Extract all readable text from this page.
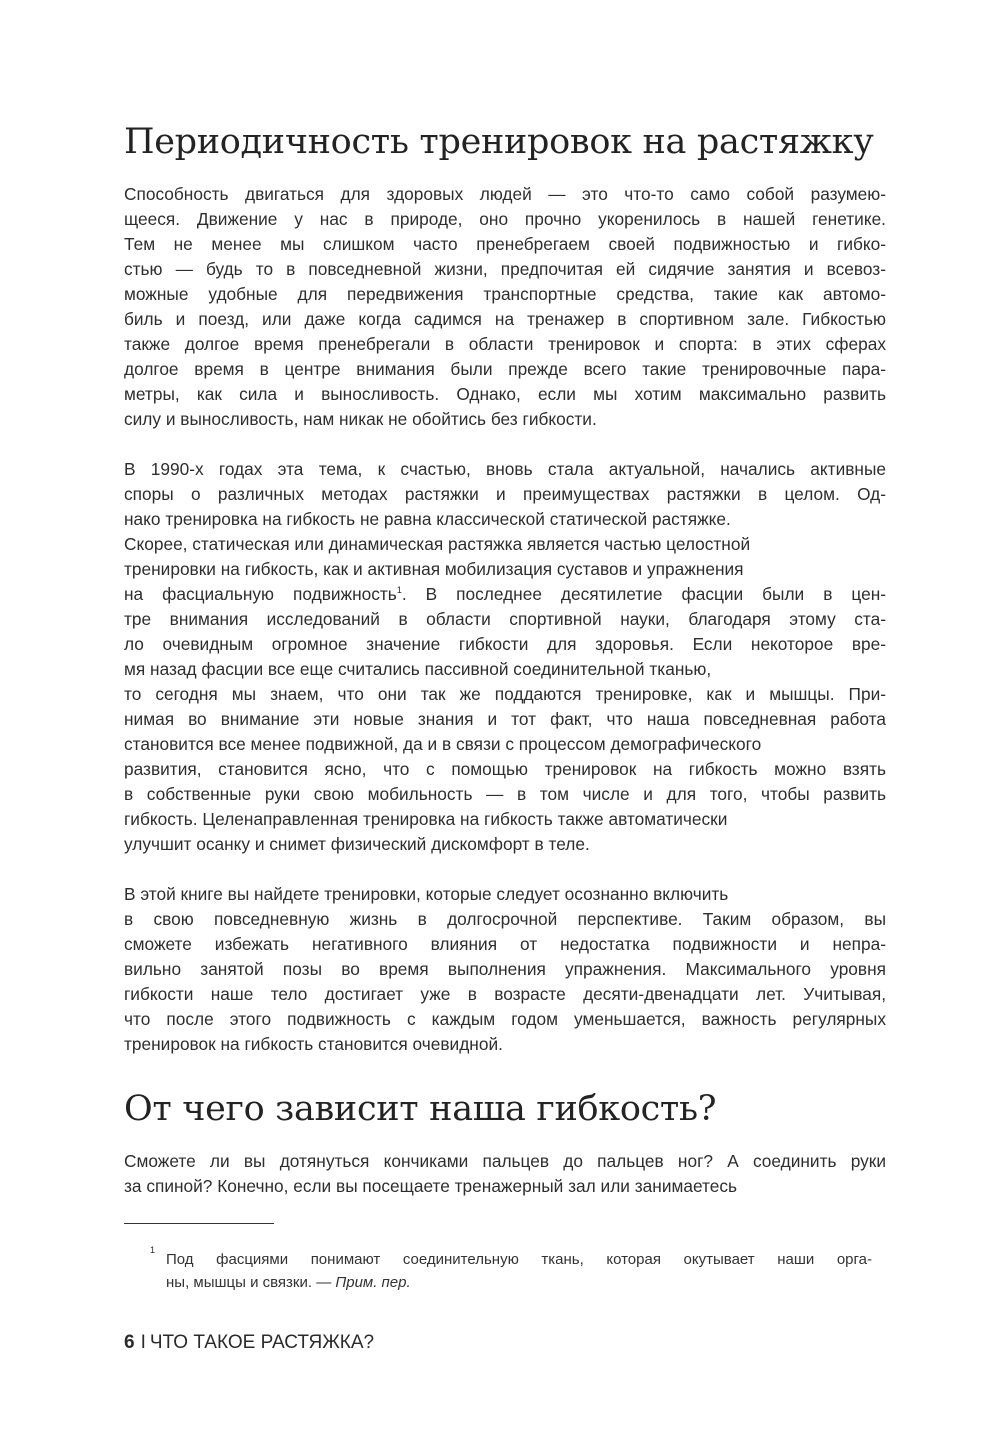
Периодичность тренировок на растяжку
Способность двигаться для здоровых людей — это что-то само собой разумею-
щееся. Движение у нас в природе, оно прочно укоренилось в нашей генетике.
Тем не менее мы слишком часто пренебрегаем своей подвижностью и гибко-
стью — будь то в повседневной жизни, предпочитая ей сидячие занятия и всевоз-
можные удобные для передвижения транспортные средства, такие как автомо-
биль и поезд, или даже когда садимся на тренажер в спортивном зале. Гибкостью
также долгое время пренебрегали в области тренировок и спорта: в этих сферах
долгое время в центре внимания были прежде всего такие тренировочные пара-
метры, как сила и выносливость. Однако, если мы хотим максимально развить
силу и выносливость, нам никак не обойтись без гибкости.
В 1990-х годах эта тема, к счастью, вновь стала актуальной, начались активные
споры о различных методах растяжки и преимуществах растяжки в целом. Од-
нако тренировка на гибкость не равна классической статической растяжке.
Скорее, статическая или динамическая растяжка является частью целостной
тренировки на гибкость, как и активная мобилизация суставов и упражнения
на фасциальную подвижность$^1$. В последнее десятилетие фасции были в цен-
тре внимания исследований в области спортивной науки, благодаря этому ста-
ло очевидным огромное значение гибкости для здоровья. Если некоторое вре-
мя назад фасции все еще считались пассивной соединительной тканью,
то сегодня мы знаем, что они так же поддаются тренировке, как и мышцы. При-
нимая во внимание эти новые знания и тот факт, что наша повседневная работа
становится все менее подвижной, да и в связи с процессом демографического
развития, становится ясно, что с помощью тренировок на гибкость можно взять
в собственные руки свою мобильность — в том числе и для того, чтобы развить
гибкость. Целенаправленная тренировка на гибкость также автоматически
улучшит осанку и снимет физический дискомфорт в теле.
В этой книге вы найдете тренировки, которые следует осознанно включить
в свою повседневную жизнь в долгосрочной перспективе. Таким образом, вы
сможете избежать негативного влияния от недостатка подвижности и непра-
вильно занятой позы во время выполнения упражнения. Максимального уровня
гибкости наше тело достигает уже в возрасте десяти-двенадцати лет. Учитывая,
что после этого подвижность с каждым годом уменьшается, важность регулярных
тренировок на гибкость становится очевидной.
От чего зависит наша гибкость?
Сможете ли вы дотянуться кончиками пальцев до пальцев ног? А соединить руки
за спиной? Конечно, если вы посещаете тренажерный зал или занимаетесь
1
Под фасциями понимают соединительную ткань, которая окутывает наши орга-
ны, мышцы и связки. — Прим. пер.
6 I ЧТО ТАКОЕ РАСТЯЖКА?
